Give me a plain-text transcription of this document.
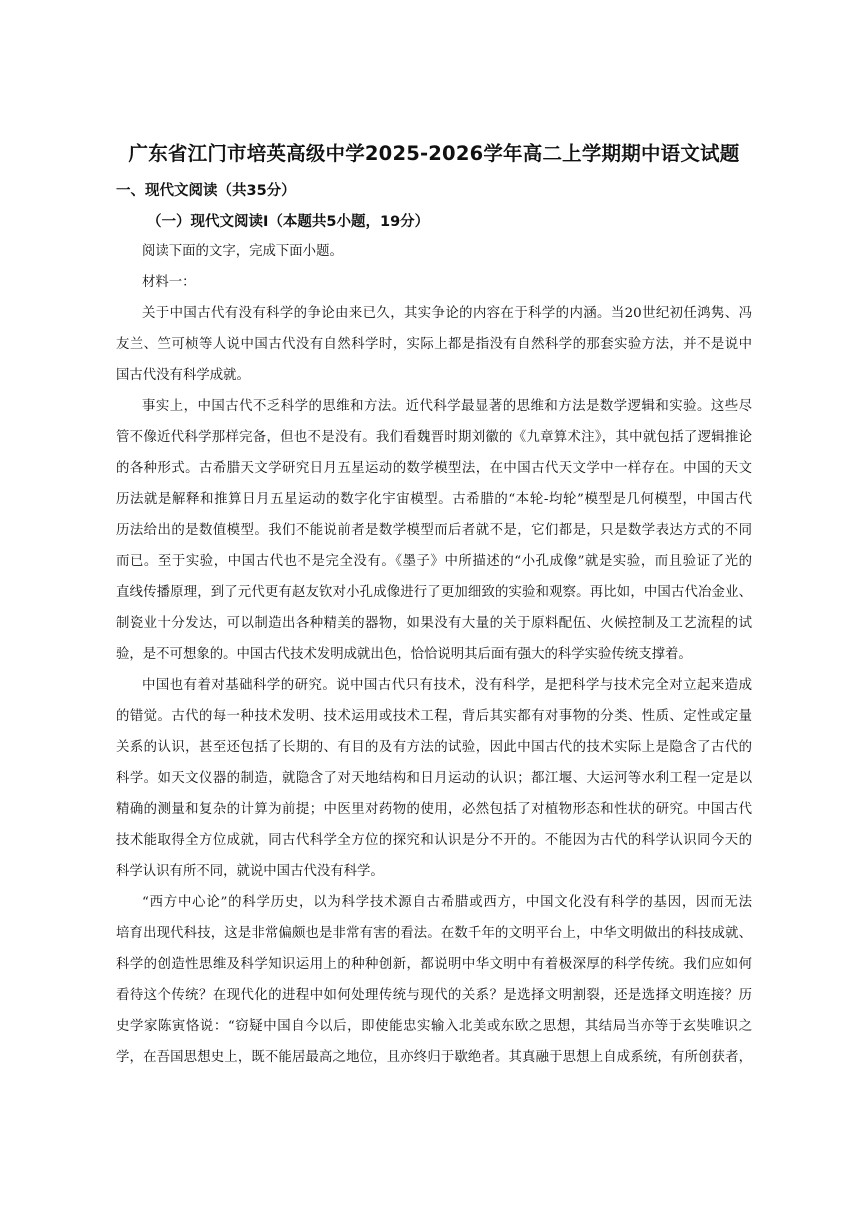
广东省江门市培英高级中学2025-2026学年高二上学期期中语文试题
一、现代文阅读（共35分）
（一）现代文阅读Ⅰ（本题共5小题，19分）
阅读下面的文字，完成下面小题。
材料一：
关于中国古代有没有科学的争论由来已久，其实争论的内容在于科学的内涵。当20世纪初任鸿隽、冯
友兰、竺可桢等人说中国古代没有自然科学时，实际上都是指没有自然科学的那套实验方法，并不是说中
国古代没有科学成就。
事实上，中国古代不乏科学的思维和方法。近代科学最显著的思维和方法是数学逻辑和实验。这些尽
管不像近代科学那样完备，但也不是没有。我们看魏晋时期刘徽的《九章算术注》，其中就包括了逻辑推论
的各种形式。古希腊天文学研究日月五星运动的数学模型法，在中国古代天文学中一样存在。中国的天文
历法就是解释和推算日月五星运动的数字化宇宙模型。古希腊的“本轮-均轮”模型是几何模型，中国古代
历法给出的是数值模型。我们不能说前者是数学模型而后者就不是，它们都是，只是数学表达方式的不同
而已。至于实验，中国古代也不是完全没有。《墨子》中所描述的“小孔成像”就是实验，而且验证了光的
直线传播原理，到了元代更有赵友钦对小孔成像进行了更加细致的实验和观察。再比如，中国古代冶金业、
制瓷业十分发达，可以制造出各种精美的器物，如果没有大量的关于原料配伍、火候控制及工艺流程的试
验，是不可想象的。中国古代技术发明成就出色，恰恰说明其后面有强大的科学实验传统支撑着。
中国也有着对基础科学的研究。说中国古代只有技术，没有科学，是把科学与技术完全对立起来造成
的错觉。古代的每一种技术发明、技术运用或技术工程，背后其实都有对事物的分类、性质、定性或定量
关系的认识，甚至还包括了长期的、有目的及有方法的试验，因此中国古代的技术实际上是隐含了古代的
科学。如天文仪器的制造，就隐含了对天地结构和日月运动的认识；都江堰、大运河等水利工程一定是以
精确的测量和复杂的计算为前提；中医里对药物的使用，必然包括了对植物形态和性状的研究。中国古代
技术能取得全方位成就，同古代科学全方位的探究和认识是分不开的。不能因为古代的科学认识同今天的
科学认识有所不同，就说中国古代没有科学。
“西方中心论”的科学历史，以为科学技术源自古希腊或西方，中国文化没有科学的基因，因而无法
培育出现代科技，这是非常偏颇也是非常有害的看法。在数千年的文明平台上，中华文明做出的科技成就、
科学的创造性思维及科学知识运用上的种种创新，都说明中华文明中有着极深厚的科学传统。我们应如何
看待这个传统？在现代化的进程中如何处理传统与现代的关系？是选择文明割裂，还是选择文明连接？历
史学家陈寅恪说：“窃疑中国自今以后，即使能忠实输入北美或东欧之思想，其结局当亦等于玄奘唯识之
学，在吾国思想史上，既不能居最高之地位，且亦终归于歇绝者。其真融于思想上自成系统，有所创获者，
